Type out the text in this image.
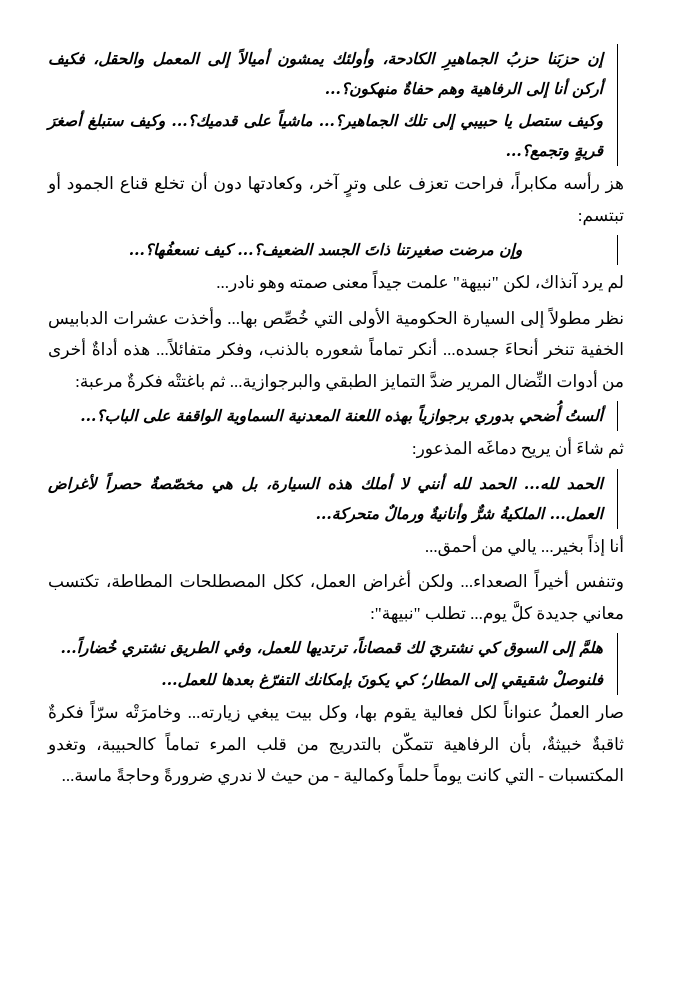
إن حزبَنا حزبُ الجماهيرِ الكادحة، وأولئك يمشون أميالاً إلى المعمل والحقل، فكيف أركن أنا إلى الرفاهية وهم حفاةٌ منهكون؟...

وكيف ستصل يا حبيبي إلى تلك الجماهير؟... ماشياً على قدميك؟... وكيف ستبلغ أصغرَ قريةٍ وتجمع؟...

هز رأسه مكابراً، فراحت تعزف على وترٍ آخر، وكعادتها دون أن تخلع قناع الجمود أو تبتسم:

وإن مرضت صغيرتنا ذاتَ الجسد الضعيف؟... كيف نسعفُها؟...

لم يرد آنذاك، لكن "نبيهة" علمت جيداً معنى صمته وهو نادر...

نظر مطولاً إلى السيارة الحكومية الأولى التي خُصِّص بها... وأخذت عشرات الدبابيس الخفية تنخر أنحاءَ جسده... أنكر تماماً شعوره بالذنب، وفكر متفائلاً... هذه أداةٌ أخرى من أدوات النِّضال المرير ضدَّ التمايز الطبقي والبرجوازية... ثم باغتتْه فكرةٌ مرعبة:

ألستُ أُضحي بدوري برجوازياً بهذه اللعنة المعدنية السماوية الواقفة على الباب؟...

ثم شاءَ أن يريح دماغَه المذعور:

الحمد لله... الحمد لله أنني لا أملك هذه السيارة، بل هي مخصّصةٌ حصراً لأغراض العمل... الملكيةُ شرٌّ وأنانيةٌ ورمالٌ متحركة...

أنا إذاً بخير... يالي من أحمق...

وتنفس أخيراً الصعداء... ولكن أغراض العمل، ككل المصطلحات المطاطة، تكتسب معاني جديدة كلَّ يوم... تطلب "نبيهة":

هلمَّ إلى السوق كي نشتريَ لك قمصاناً، ترتديها للعمل، وفي الطريق نشتري خُضاراً...

فلنوصلْ شقيقي إلى المطار؛ كي يكونَ بإمكانك التفرّغ بعدها للعمل...

صار العملُ عنواناً لكل فعالية يقوم بها، وكل بيت يبغي زيارته... وخامرَتْه سرّاً فكرةٌ ثاقبةٌ خبيثةٌ، بأن الرفاهية تتمكّن بالتدريج من قلب المرء تماماً كالحبيبة، وتغدو المكتسبات - التي كانت يوماً حلماً وكمالية - من حيث لا ندري ضرورةً وحاجةً ماسة...
